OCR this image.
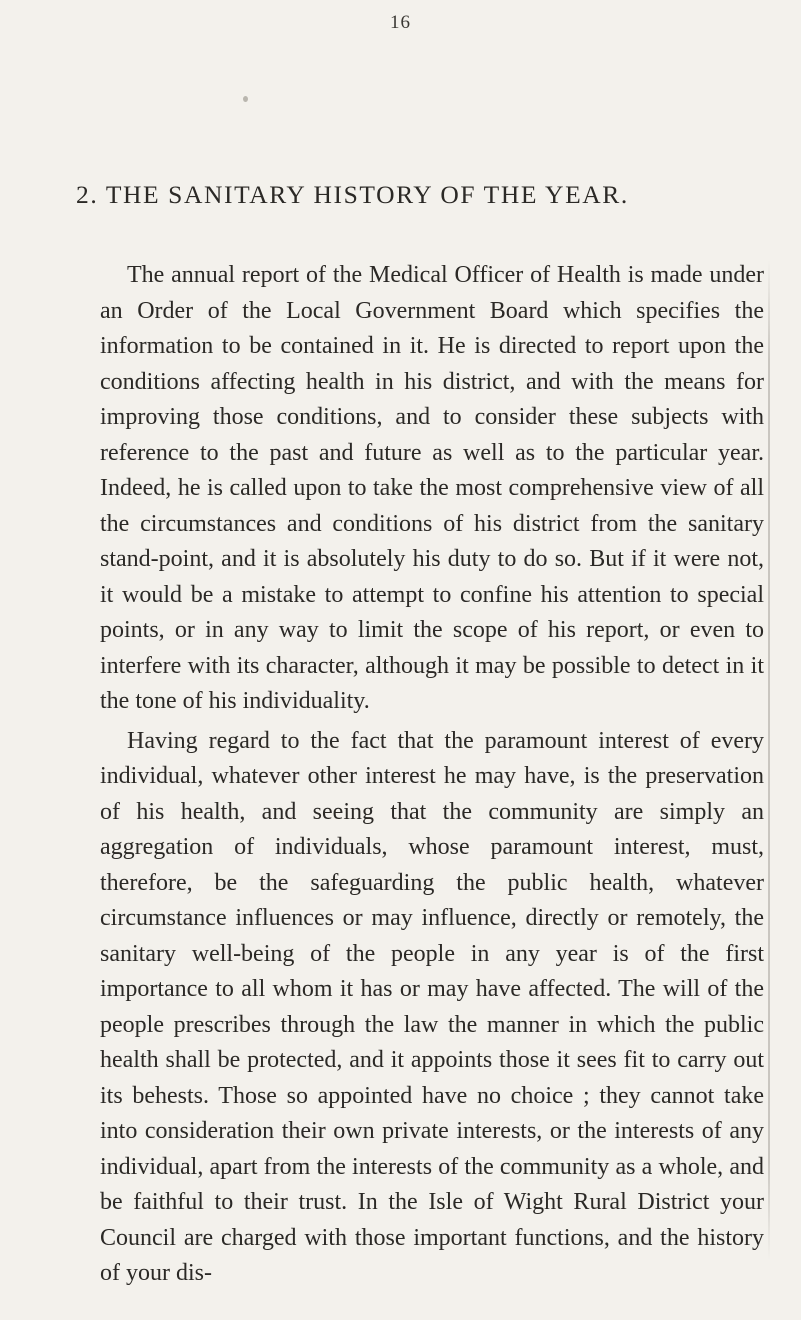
16
2. THE SANITARY HISTORY OF THE YEAR.

The annual report of the Medical Officer of Health is made under an Order of the Local Government Board which specifies the information to be contained in it. He is directed to report upon the conditions affecting health in his district, and with the means for improving those conditions, and to consider these subjects with reference to the past and future as well as to the particular year. Indeed, he is called upon to take the most comprehensive view of all the circumstances and conditions of his district from the sanitary stand-point, and it is absolutely his duty to do so. But if it were not, it would be a mistake to attempt to confine his attention to special points, or in any way to limit the scope of his report, or even to interfere with its character, although it may be possible to detect in it the tone of his individuality.

Having regard to the fact that the paramount interest of every individual, whatever other interest he may have, is the preservation of his health, and seeing that the community are simply an aggregation of individuals, whose paramount interest, must, therefore, be the safeguarding the public health, whatever circumstance influences or may influence, directly or remotely, the sanitary well-being of the people in any year is of the first importance to all whom it has or may have affected. The will of the people prescribes through the law the manner in which the public health shall be protected, and it appoints those it sees fit to carry out its behests. Those so appointed have no choice ; they cannot take into consideration their own private interests, or the interests of any individual, apart from the interests of the community as a whole, and be faithful to their trust. In the Isle of Wight Rural District your Council are charged with those important functions, and the history of your dis-
